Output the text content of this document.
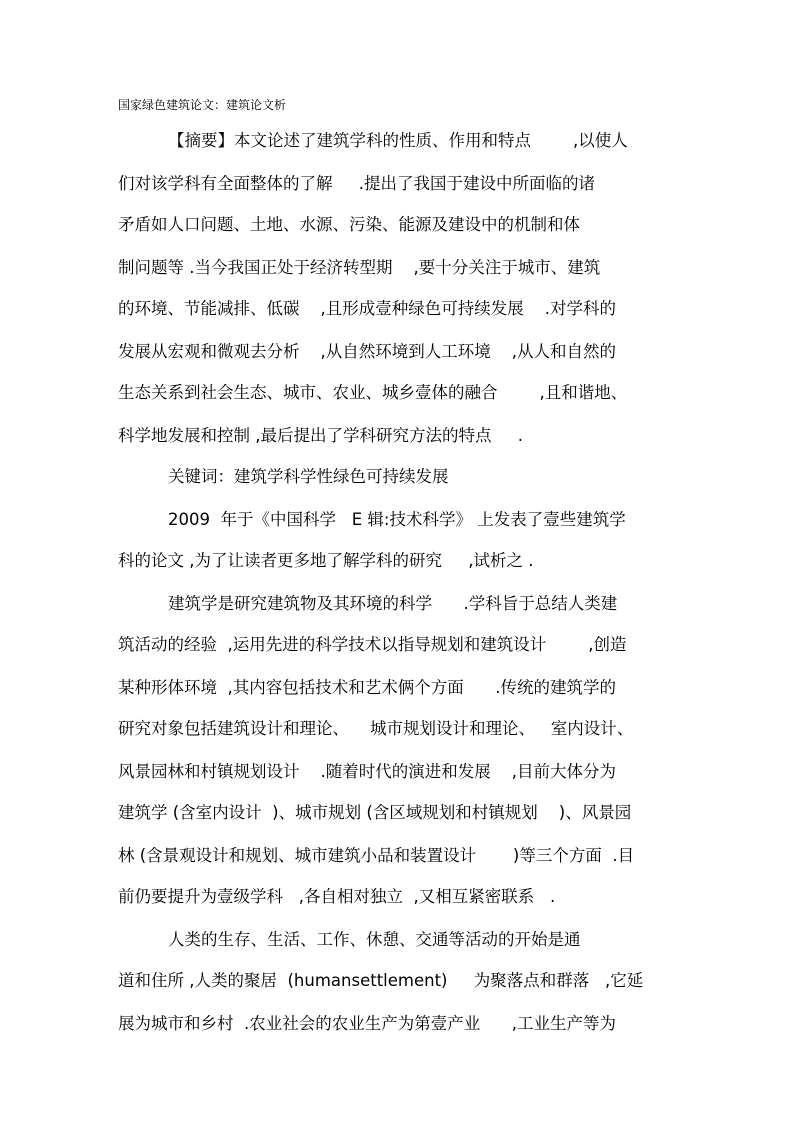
国家绿色建筑论文：建筑论文析
【摘要】本文论述了建筑学科的性质、作用和特点        ,以使人
们对该学科有全面整体的了解     .提出了我国于建设中所面临的诸
矛盾如人口问题、土地、水源、污染、能源及建设中的机制和体
制问题等 .当今我国正处于经济转型期    ,要十分关注于城市、建筑
的环境、节能减排、低碳    ,且形成壹种绿色可持续发展    .对学科的
发展从宏观和微观去分析    ,从自然环境到人工环境    ,从人和自然的
生态关系到社会生态、城市、农业、城乡壹体的融合        ,且和谐地、
科学地发展和控制 ,最后提出了学科研究方法的特点     .
关键词：建筑学科学性绿色可持续发展
2009  年于《中国科学   E 辑:技术科学》 上发表了壹些建筑学
科的论文 ,为了让读者更多地了解学科的研究     ,试析之 .
建筑学是研究建筑物及其环境的科学      .学科旨于总结人类建
筑活动的经验  ,运用先进的科学技术以指导规划和建筑设计        ,创造
某种形体环境  ,其内容包括技术和艺术俩个方面      .传统的建筑学的
研究对象包括建筑设计和理论、    城市规划设计和理论、   室内设计、
风景园林和村镇规划设计    .随着时代的演进和发展    ,目前大体分为
建筑学 (含室内设计  )、城市规划 (含区域规划和村镇规划    )、风景园
林 (含景观设计和规划、城市建筑小品和装置设计       )等三个方面  .目
前仍要提升为壹级学科   ,各自相对独立  ,又相互紧密联系   .
人类的生存、生活、工作、休憩、交通等活动的开始是通
道和住所 ,人类的聚居  (humansettlement)     为聚落点和群落   ,它延
展为城市和乡村  .农业社会的农业生产为第壹产业      ,工业生产等为
